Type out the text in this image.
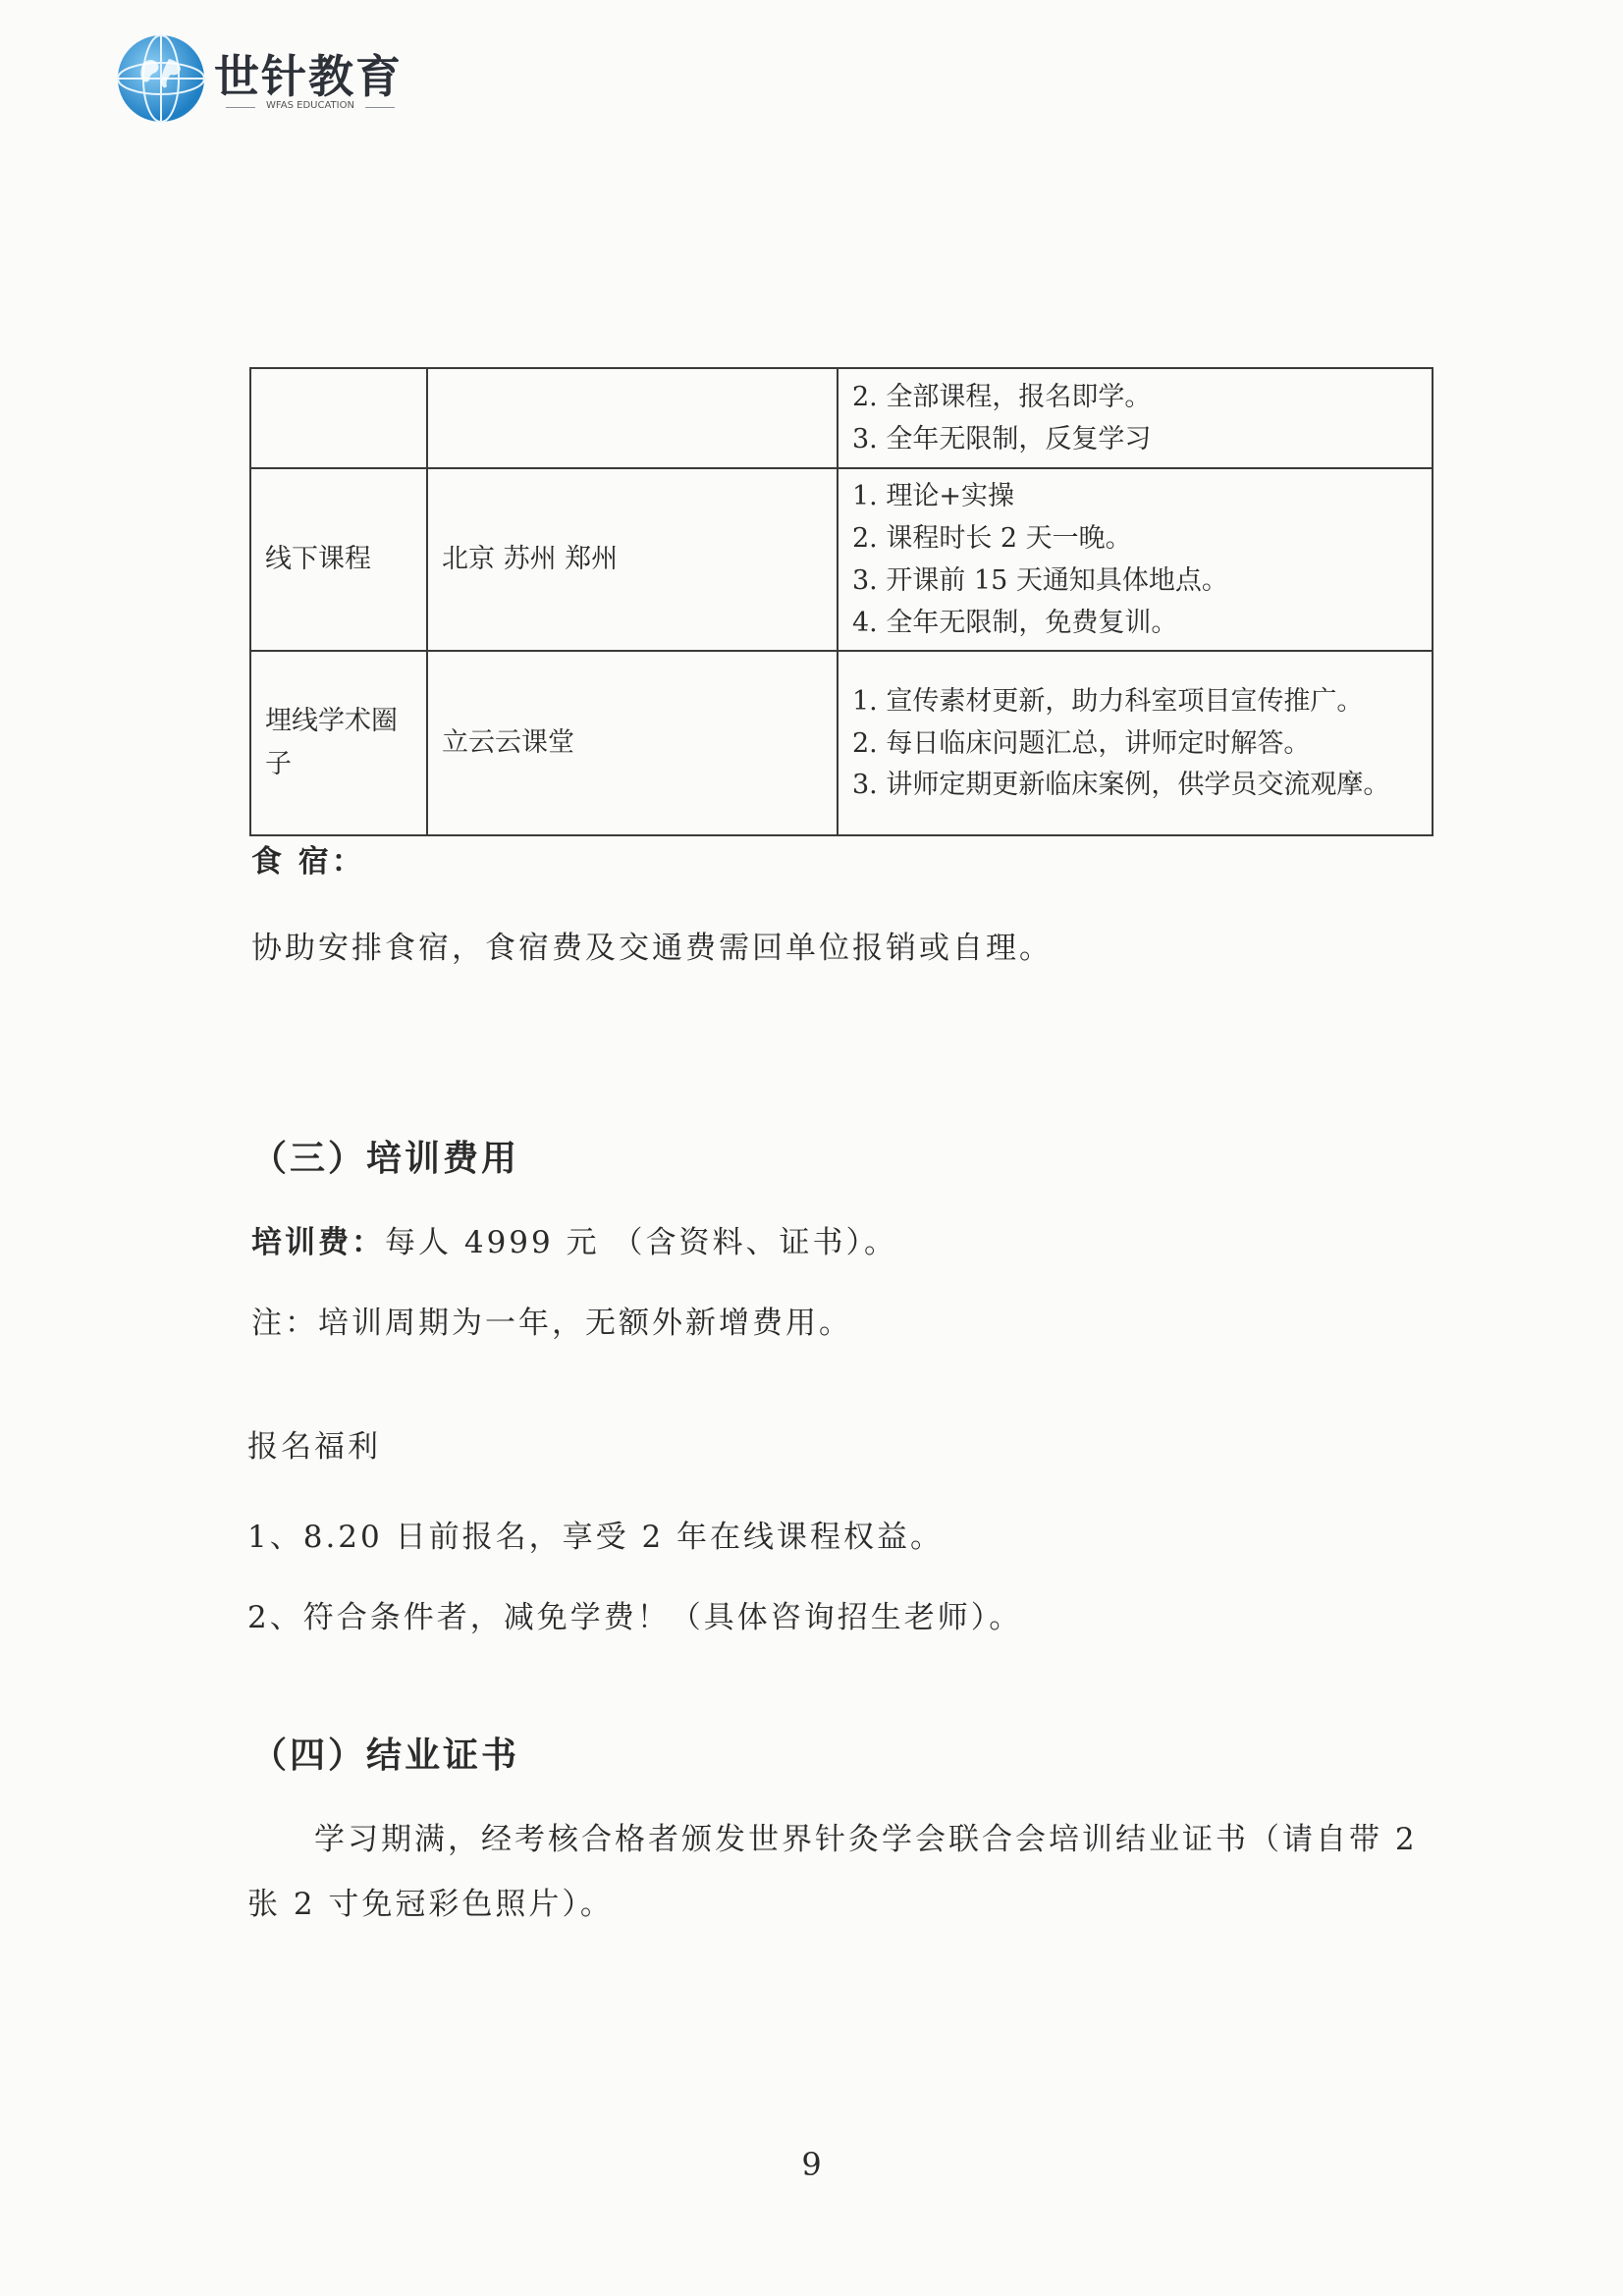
世针教育
WFAS EDUCATION

		2. 全部课程，报名即学。
3. 全年无限制，反复学习

线下课程	北京 苏州 郑州	1. 理论+实操
2. 课程时长 2 天一晚。
3. 开课前 15 天通知具体地点。
4. 全年无限制，免费复训。

埋线学术圈子	立云云课堂	1. 宣传素材更新，助力科室项目宣传推广。
2. 每日临床问题汇总，讲师定时解答。
3. 讲师定期更新临床案例，供学员交流观摩。
食 宿：
协助安排食宿，食宿费及交通费需回单位报销或自理。
（三）培训费用
培训费：每人 4999 元 （含资料、证书）。
注：培训周期为一年，无额外新增费用。
报名福利
1、8.20 日前报名，享受 2 年在线课程权益。
2、符合条件者，减免学费！（具体咨询招生老师）。
（四）结业证书
学习期满，经考核合格者颁发世界针灸学会联合会培训结业证书（请自带 2
张 2 寸免冠彩色照片）。
9
